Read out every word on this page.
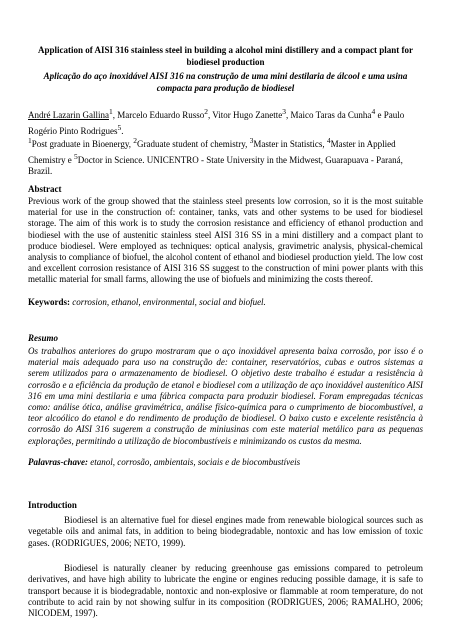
Application of AISI 316 stainless steel in building a alcohol mini distillery and a compact plant for biodiesel production
Aplicação do aço inoxidável AISI 316 na construção de uma mini destilaria de álcool e uma usina compacta para produção de biodiesel
André Lazarin Gallina$^1$, Marcelo Eduardo Russo$^2$, Vitor Hugo Zanette$^3$, Maico Taras da Cunha$^4$ e Paulo Rogério Pinto Rodrigues$^5$.
$^1$Post graduate in Bioenergy, $^2$Graduate student of chemistry, $^3$Master in Statistics, $^4$Master in Applied Chemistry e $^5$Doctor in Science. UNICENTRO - State University in the Midwest, Guarapuava - Paraná, Brazil.
Abstract
Previous work of the group showed that the stainless steel presents low corrosion, so it is the most suitable material for use in the construction of: container, tanks, vats and other systems to be used for biodiesel storage. The aim of this work is to study the corrosion resistance and efficiency of ethanol production and biodiesel with the use of austenitic stainless steel AISI 316 SS in a mini distillery and a compact plant to produce biodiesel. Were employed as techniques: optical analysis, gravimetric analysis, physical-chemical analysis to compliance of biofuel, the alcohol content of ethanol and biodiesel production yield. The low cost and excellent corrosion resistance of AISI 316 SS suggest to the construction of mini power plants with this metallic material for small farms, allowing the use of biofuels and minimizing the costs thereof.
Keywords: corrosion, ethanol, environmental, social and biofuel.
Resumo
Os trabalhos anteriores do grupo mostraram que o aço inoxidável apresenta baixa corrosão, por isso é o material mais adequado para uso na construção de: container, reservatórios, cubas e outros sistemas a serem utilizados para o armazenamento de biodiesel. O objetivo deste trabalho é estudar a resistência à corrosão e a eficiência da produção de etanol e biodiesel com a utilização de aço inoxidável austenítico AISI 316 em uma mini destilaria e uma fábrica compacta para produzir biodiesel. Foram empregadas técnicas como: análise ótica, análise gravimétrica, análise físico-química para o cumprimento de biocombustível, a teor alcoólico do etanol e do rendimento de produção de biodiesel. O baixo custo e excelente resistência à corrosão do AISI 316 sugerem a construção de miniusinas com este material metálico para as pequenas explorações, permitindo a utilização de biocombustíveis e minimizando os custos da mesma.
Palavras-chave: etanol, corrosão, ambientais, sociais e de biocombustíveis
Introduction
Biodiesel is an alternative fuel for diesel engines made from renewable biological sources such as vegetable oils and animal fats, in addition to being biodegradable, nontoxic and has low emission of toxic gases. (RODRIGUES, 2006; NETO, 1999).
Biodiesel is naturally cleaner by reducing greenhouse gas emissions compared to petroleum derivatives, and have high ability to lubricate the engine or engines reducing possible damage, it is safe to transport because it is biodegradable, nontoxic and non-explosive or flammable at room temperature, do not contribute to acid rain by not showing sulfur in its composition (RODRIGUES, 2006; RAMALHO, 2006; NICODEM, 1997).
